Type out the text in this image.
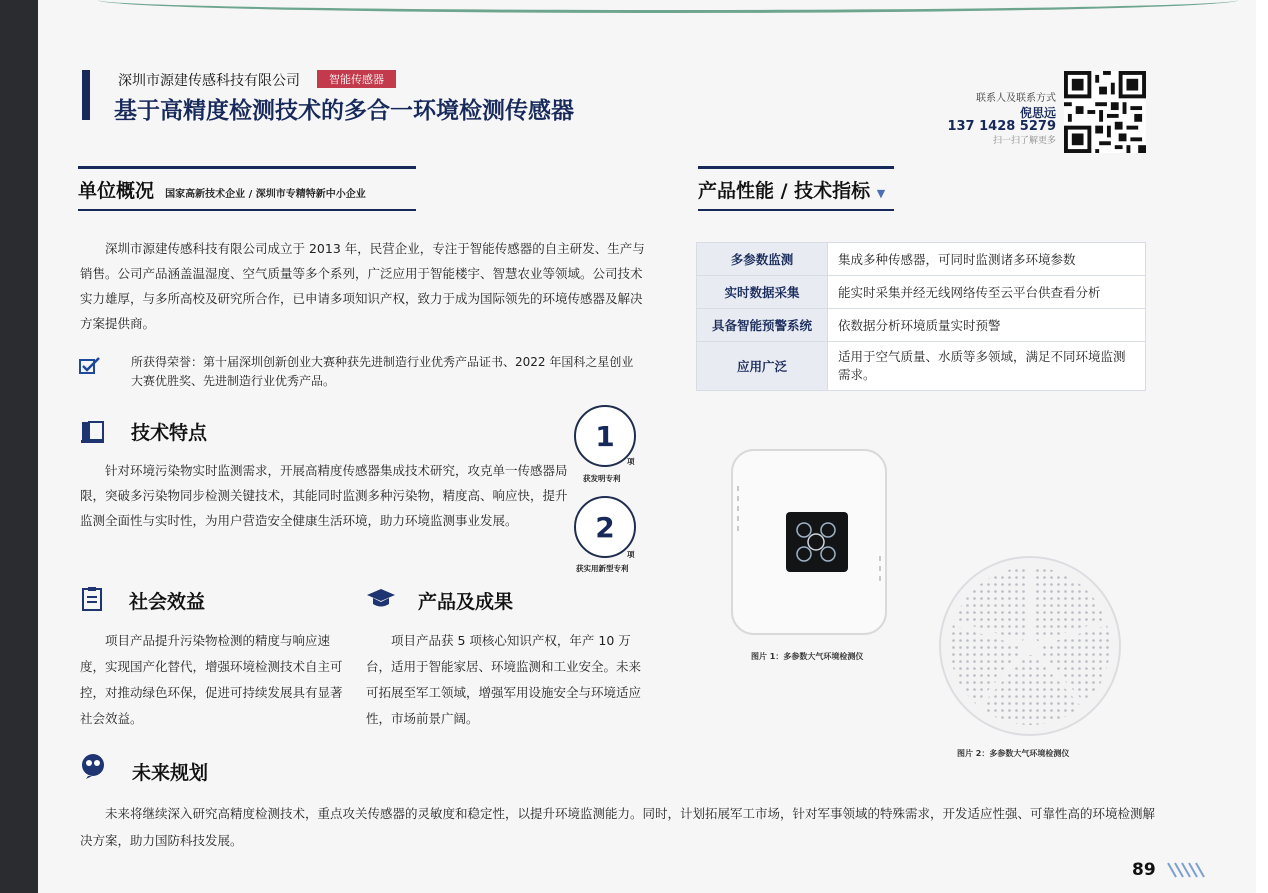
深圳市源建传感科技有限公司	智能传感器
基于高精度检测技术的多合一环境检测传感器	联系人及联系方式
倪思远
137 1428 5279
扫一扫了解更多
单位概况 国家高新技术企业 / 深圳市专精特新中小企业

深圳市源建传感科技有限公司成立于 2013 年，民营企业，专注于智能传感器的自主研发、生产与销售。公司产品涵盖温湿度、空气质量等多个系列，广泛应用于智能楼宇、智慧农业等领域。公司技术实力雄厚，与多所高校及研究所合作，已申请多项知识产权，致力于成为国际领先的环境传感器及解决方案提供商。

所获得荣誉：第十届深圳创新创业大赛种获先进制造行业优秀产品证书、2022 年国科之星创业大赛优胜奖、先进制造行业优秀产品。
技术特点

针对环境污染物实时监测需求，开展高精度传感器集成技术研究，攻克单一传感器局限，突破多污染物同步检测关键技术，其能同时监测多种污染物，精度高、响应快，提升监测全面性与实时性，为用户营造安全健康生活环境，助力环境监测事业发展。

1
项
获发明专利
2
项
获实用新型专利
社会效益

项目产品提升污染物检测的精度与响应速度，实现国产化替代，增强环境检测技术自主可控，对推动绿色环保，促进可持续发展具有显著社会效益。

产品及成果

项目产品获 5 项核心知识产权，年产 10 万台，适用于智能家居、环境监测和工业安全。未来可拓展至军工领域，增强军用设施安全与环境适应性，市场前景广阔。

未来规划

未来将继续深入研究高精度检测技术，重点攻关传感器的灵敏度和稳定性，以提升环境监测能力。同时，计划拓展军工市场，针对军事领域的特殊需求，开发适应性强、可靠性高的环境检测解决方案，助力国防科技发展。

产品性能 / 技术指标 ▼
多参数监测	集成多种传感器，可同时监测诸多环境参数
实时数据采集	能实时采集并经无线网络传至云平台供查看分析
具备智能预警系统	依数据分析环境质量实时预警
应用广泛	适用于空气质量、水质等多领域，满足不同环境监测需求。
图片 1：多参数大气环境检测仪
图片 2：多参数大气环境检测仪
89
